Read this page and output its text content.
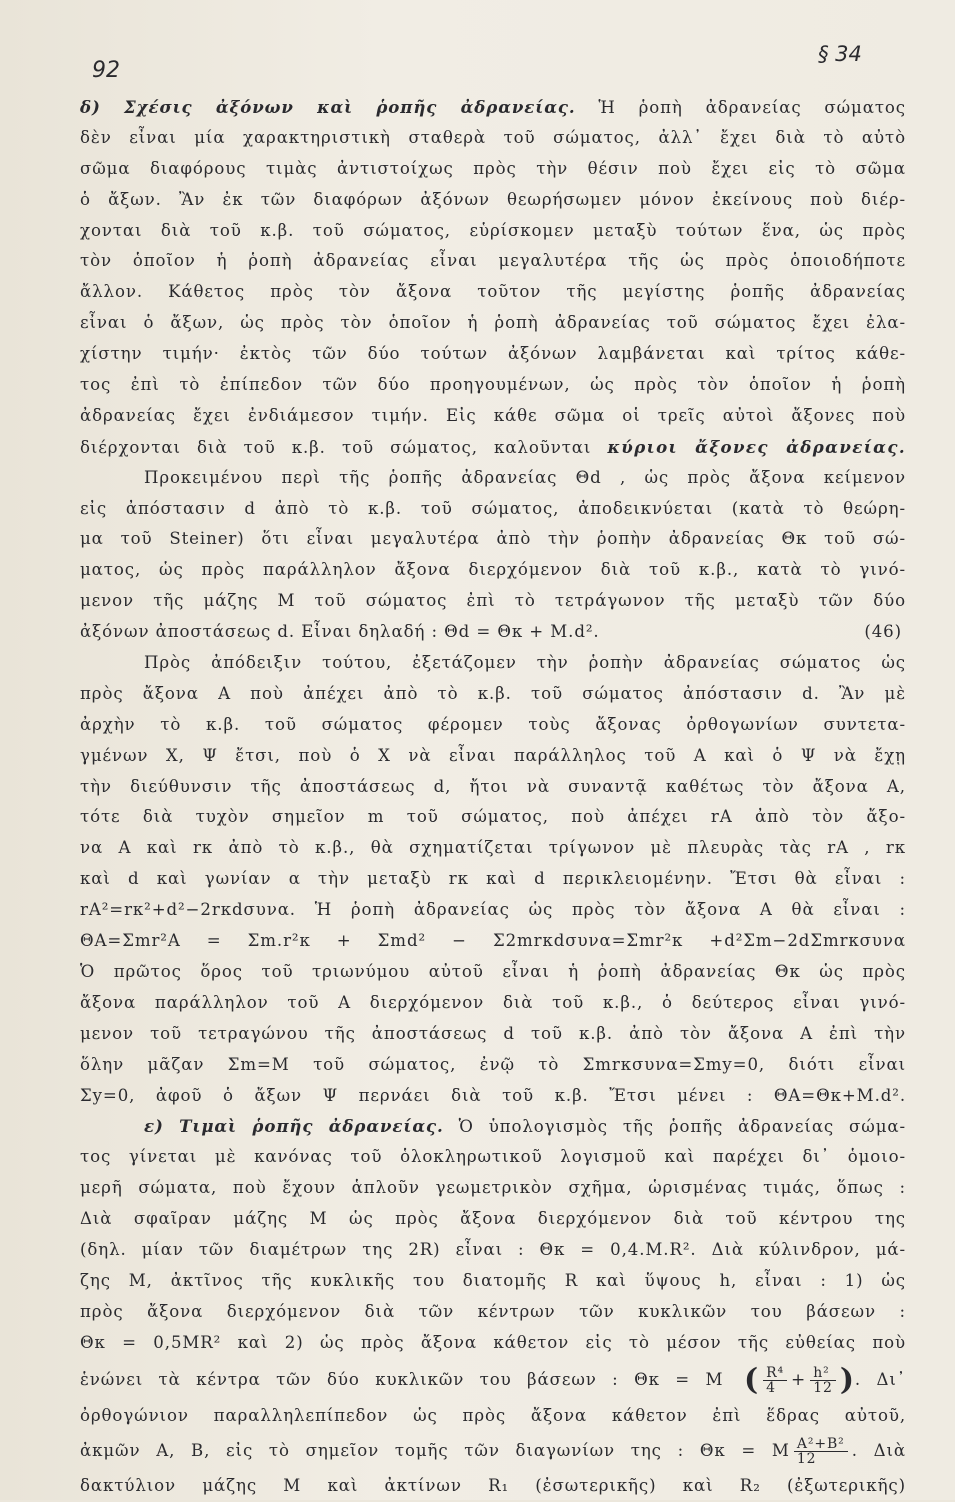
92
§ 34
δ) Σχέσις ἀξόνων καὶ ῥοπῆς ἀδρανείας. Ἡ ῥοπὴ ἀδρανείας σώματος
δὲν εἶναι μία χαρακτηριστικὴ σταθερὰ τοῦ σώματος, ἀλλ᾽ ἔχει διὰ τὸ αὐτὸ
σῶμα διαφόρους τιμὰς ἀντιστοίχως πρὸς τὴν θέσιν ποὺ ἔχει εἰς τὸ σῶμα
ὁ ἄξων. Ἂν ἐκ τῶν διαφόρων ἀξόνων θεωρήσωμεν μόνον ἐκείνους ποὺ διέρ-
χονται διὰ τοῦ κ.β. τοῦ σώματος, εὑρίσκομεν μεταξὺ τούτων ἕνα, ὡς πρὸς
τὸν ὁποῖον ἡ ῥοπὴ ἀδρανείας εἶναι μεγαλυτέρα τῆς ὡς πρὸς ὁποιοδήποτε
ἄλλον. Κάθετος πρὸς τὸν ἄξονα τοῦτον τῆς μεγίστης ῥοπῆς ἀδρανείας
εἶναι ὁ ἄξων, ὡς πρὸς τὸν ὁποῖον ἡ ῥοπὴ ἀδρανείας τοῦ σώματος ἔχει ἐλα-
χίστην τιμήν· ἐκτὸς τῶν δύο τούτων ἀξόνων λαμβάνεται καὶ τρίτος κάθε-
τος ἐπὶ τὸ ἐπίπεδον τῶν δύο προηγουμένων, ὡς πρὸς τὸν ὁποῖον ἡ ῥοπὴ
ἀδρανείας ἔχει ἐνδιάμεσον τιμήν. Εἰς κάθε σῶμα οἱ τρεῖς αὐτοὶ ἄξονες ποὺ
διέρχονται διὰ τοῦ κ.β. τοῦ σώματος, καλοῦνται κύριοι ἄξονες ἀδρανείας.
Προκειμένου περὶ τῆς ῥοπῆς ἀδρανείας Θd , ὡς πρὸς ἄξονα κείμενον
εἰς ἀπόστασιν d ἀπὸ τὸ κ.β. τοῦ σώματος, ἀποδεικνύεται (κατὰ τὸ θεώρη-
μα τοῦ Steiner) ὅτι εἶναι μεγαλυτέρα ἀπὸ τὴν ῥοπὴν ἀδρανείας Θκ τοῦ σώ-
ματος, ὡς πρὸς παράλληλον ἄξονα διερχόμενον διὰ τοῦ κ.β., κατὰ τὸ γινό-
μενον τῆς μάζης Μ τοῦ σώματος ἐπὶ τὸ τετράγωνον τῆς μεταξὺ τῶν δύο
ἀξόνων ἀποστάσεως d. Εἶναι δηλαδή : Θd = Θκ + M.d².	(46)
Πρὸς ἀπόδειξιν τούτου, ἐξετάζομεν τὴν ῥοπὴν ἀδρανείας σώματος ὡς
πρὸς ἄξονα Α ποὺ ἀπέχει ἀπὸ τὸ κ.β. τοῦ σώματος ἀπόστασιν d. Ἂν μὲ
ἀρχὴν τὸ κ.β. τοῦ σώματος φέρομεν τοὺς ἄξονας ὀρθογωνίων συντετα-
γμένων Χ, Ψ ἔτσι, ποὺ ὁ Χ νὰ εἶναι παράλληλος τοῦ Α καὶ ὁ Ψ νὰ ἔχῃ
τὴν διεύθυνσιν τῆς ἀποστάσεως d, ἤτοι νὰ συναντᾷ καθέτως τὸν ἄξονα Α,
τότε διὰ τυχὸν σημεῖον m τοῦ σώματος, ποὺ ἀπέχει rA ἀπὸ τὸν ἄξο-
να Α καὶ rκ ἀπὸ τὸ κ.β., θὰ σχηματίζεται τρίγωνον μὲ πλευρὰς τὰς rA , rκ
καὶ d καὶ γωνίαν α τὴν μεταξὺ rκ καὶ d περικλειομένην. Ἔτσι θὰ εἶναι :
rA²=rκ²+d²−2rκdσυνα. Ἡ ῥοπὴ ἀδρανείας ὡς πρὸς τὸν ἄξονα Α θὰ εἶναι :
ΘA=Σmr²A = Σm.r²κ + Σmd² − Σ2mrκdσυνα=Σmr²κ +d²Σm−2dΣmrκσυνα
Ὁ πρῶτος ὅρος τοῦ τριωνύμου αὐτοῦ εἶναι ἡ ῥοπὴ ἀδρανείας Θκ ὡς πρὸς
ἄξονα παράλληλον τοῦ Α διερχόμενον διὰ τοῦ κ.β., ὁ δεύτερος εἶναι γινό-
μενον τοῦ τετραγώνου τῆς ἀποστάσεως d τοῦ κ.β. ἀπὸ τὸν ἄξονα Α ἐπὶ τὴν
ὅλην μᾶζαν Σm=M τοῦ σώματος, ἐνῷ τὸ Σmrκσυνα=Σmy=0, διότι εἶναι
Σy=0, ἀφοῦ ὁ ἄξων Ψ περνάει διὰ τοῦ κ.β. Ἔτσι μένει : ΘA=Θκ+M.d².
ε) Τιμαὶ ῥοπῆς ἀδρανείας. Ὁ ὑπολογισμὸς τῆς ῥοπῆς ἀδρανείας σώμα-
τος γίνεται μὲ κανόνας τοῦ ὁλοκληρωτικοῦ λογισμοῦ καὶ παρέχει δι᾽ ὁμοιο-
μερῆ σώματα, ποὺ ἔχουν ἁπλοῦν γεωμετρικὸν σχῆμα, ὡρισμένας τιμάς, ὅπως :
Διὰ σφαῖραν μάζης Μ ὡς πρὸς ἄξονα διερχόμενον διὰ τοῦ κέντρου της
(δηλ. μίαν τῶν διαμέτρων της 2R) εἶναι : Θκ = 0,4.M.R². Διὰ κύλινδρον, μά-
ζης Μ, ἀκτῖνος τῆς κυκλικῆς του διατομῆς R καὶ ὕψους h, εἶναι : 1) ὡς
πρὸς ἄξονα διερχόμενον διὰ τῶν κέντρων τῶν κυκλικῶν του βάσεων :
Θκ = 0,5MR² καὶ 2) ὡς πρὸς ἄξονα κάθετον εἰς τὸ μέσον τῆς εὐθείας ποὺ
ἑνώνει τὰ κέντρα τῶν δύο κυκλικῶν του βάσεων : Θκ = M ( $\frac{\text{R⁴}}{4} + \frac{\text{h²}}{12}$ ). Δι᾽
ὀρθογώνιον παραλληλεπίπεδον ὡς πρὸς ἄξονα κάθετον ἐπὶ ἕδρας αὐτοῦ,
ἀκμῶν Α, Β, εἰς τὸ σημεῖον τομῆς τῶν διαγωνίων της : Θκ = M $\frac{\text{A²+B²}}{12}$ . Διὰ
δακτύλιον μάζης Μ καὶ ἀκτίνων R₁ (ἐσωτερικῆς) καὶ R₂ (ἐξωτερικῆς)
